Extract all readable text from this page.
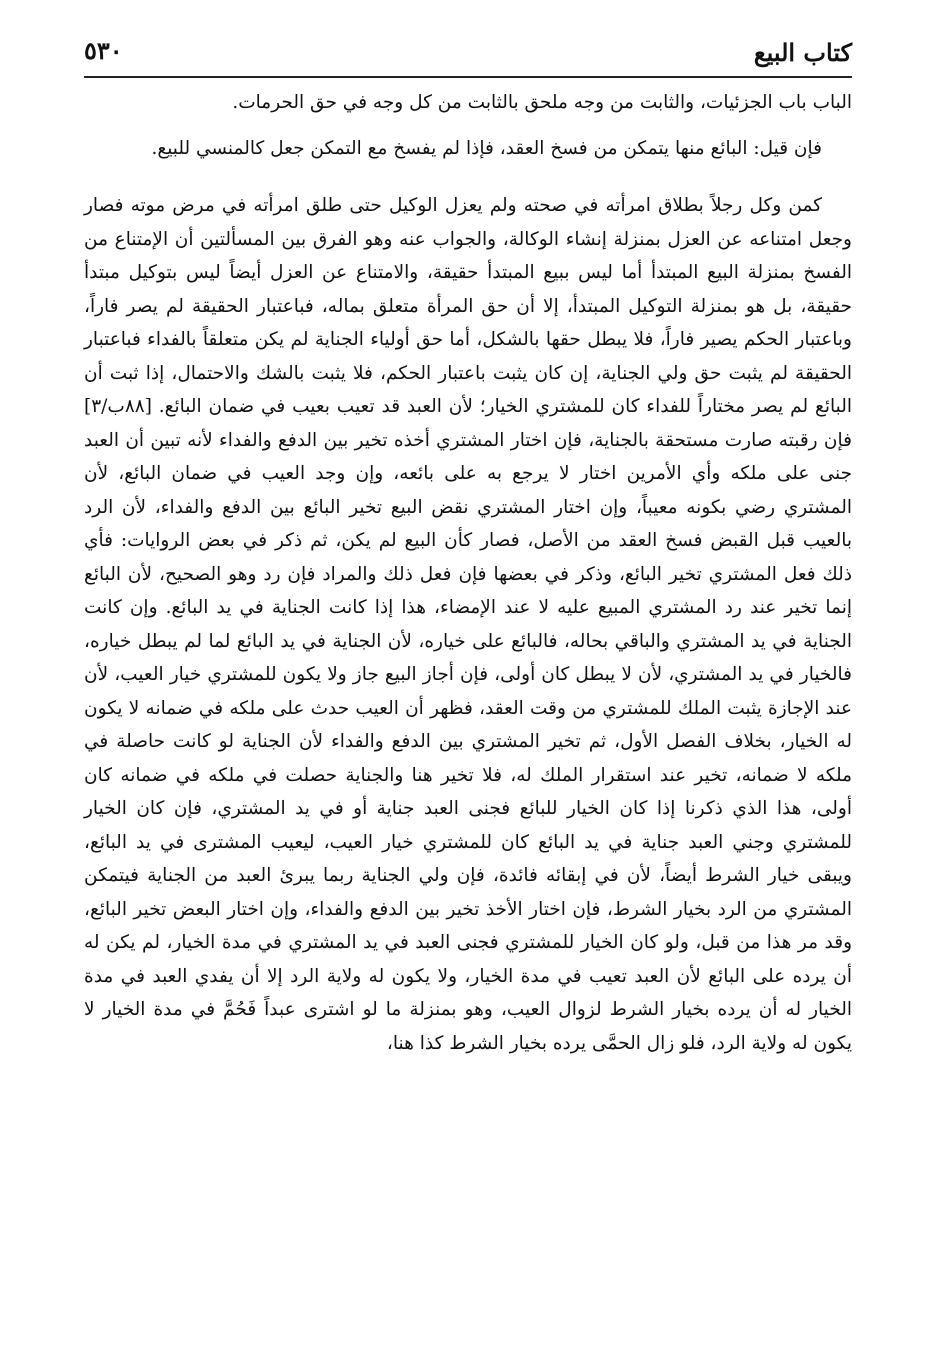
كتاب البيع
٥٣٠

الباب باب الجزئيات، والثابت من وجه ملحق بالثابت من كل وجه في حق الحرمات.

فإن قيل: البائع منها يتمكن من فسخ العقد، فإذا لم يفسخ مع التمكن جعل كالمنسي للبيع.

كمن وكل رجلاً بطلاق امرأته في صحته ولم يعزل الوكيل حتى طلق امرأته في مرض موته فصار وجعل امتناعه عن العزل بمنزلة إنشاء الوكالة، والجواب عنه وهو الفرق بين المسألتين أن الإمتناع من الفسخ بمنزلة البيع المبتدأ أما ليس ببيع المبتدأ حقيقة، والامتناع عن العزل أيضاً ليس بتوكيل مبتدأ حقيقة، بل هو بمنزلة التوكيل المبتدأ، إلا أن حق المرأة متعلق بماله، فباعتبار الحقيقة لم يصر فاراً، وباعتبار الحكم يصير فاراً، فلا يبطل حقها بالشكل، أما حق أولياء الجناية لم يكن متعلقاً بالفداء فباعتبار الحقيقة لم يثبت حق ولي الجناية، إن كان يثبت باعتبار الحكم، فلا يثبت بالشك والاحتمال، إذا ثبت أن البائع لم يصر مختاراً للفداء كان للمشتري الخيار؛ لأن العبد قد تعيب بعيب في ضمان البائع. [٨٨ب/٣] فإن رقبته صارت مستحقة بالجناية، فإن اختار المشتري أخذه تخير بين الدفع والفداء لأنه تبين أن العبد جنى على ملكه وأي الأمرين اختار لا يرجع به على بائعه، وإن وجد العيب في ضمان البائع، لأن المشتري رضي بكونه معيباً، وإن اختار المشتري نقض البيع تخير البائع بين الدفع والفداء، لأن الرد بالعيب قبل القبض فسخ العقد من الأصل، فصار كأن البيع لم يكن، ثم ذكر في بعض الروايات: فأي ذلك فعل المشتري تخير البائع، وذكر في بعضها فإن فعل ذلك والمراد فإن رد وهو الصحيح، لأن البائع إنما تخير عند رد المشتري المبيع عليه لا عند الإمضاء، هذا إذا كانت الجناية في يد البائع. وإن كانت الجناية في يد المشتري والباقي بحاله، فالبائع على خياره، لأن الجناية في يد البائع لما لم يبطل خياره، فالخيار في يد المشتري، لأن لا يبطل كان أولى، فإن أجاز البيع جاز ولا يكون للمشتري خيار العيب، لأن عند الإجازة يثبت الملك للمشتري من وقت العقد، فظهر أن العيب حدث على ملكه في ضمانه لا يكون له الخيار، بخلاف الفصل الأول، ثم تخير المشتري بين الدفع والفداء لأن الجناية لو كانت حاصلة في ملكه لا ضمانه، تخير عند استقرار الملك له، فلا تخير هنا والجناية حصلت في ملكه في ضمانه كان أولى، هذا الذي ذكرنا إذا كان الخيار للبائع فجنى العبد جناية أو في يد المشتري، فإن كان الخيار للمشتري وجني العبد جناية في يد البائع كان للمشتري خيار العيب، ليعيب المشترى في يد البائع، ويبقى خيار الشرط أيضاً، لأن في إبقائه فائدة، فإن ولي الجناية ربما يبرئ العبد من الجناية فيتمكن المشتري من الرد بخيار الشرط، فإن اختار الأخذ تخير بين الدفع والفداء، وإن اختار البعض تخير البائع، وقد مر هذا من قبل، ولو كان الخيار للمشتري فجنى العبد في يد المشتري في مدة الخيار، لم يكن له أن يرده على البائع لأن العبد تعيب في مدة الخيار، ولا يكون له ولاية الرد إلا أن يفدي العبد في مدة الخيار له أن يرده بخيار الشرط لزوال العيب، وهو بمنزلة ما لو اشترى عبداً فَحُمَّ في مدة الخيار لا يكون له ولاية الرد، فلو زال الحمَّى يرده بخيار الشرط كذا هنا،
